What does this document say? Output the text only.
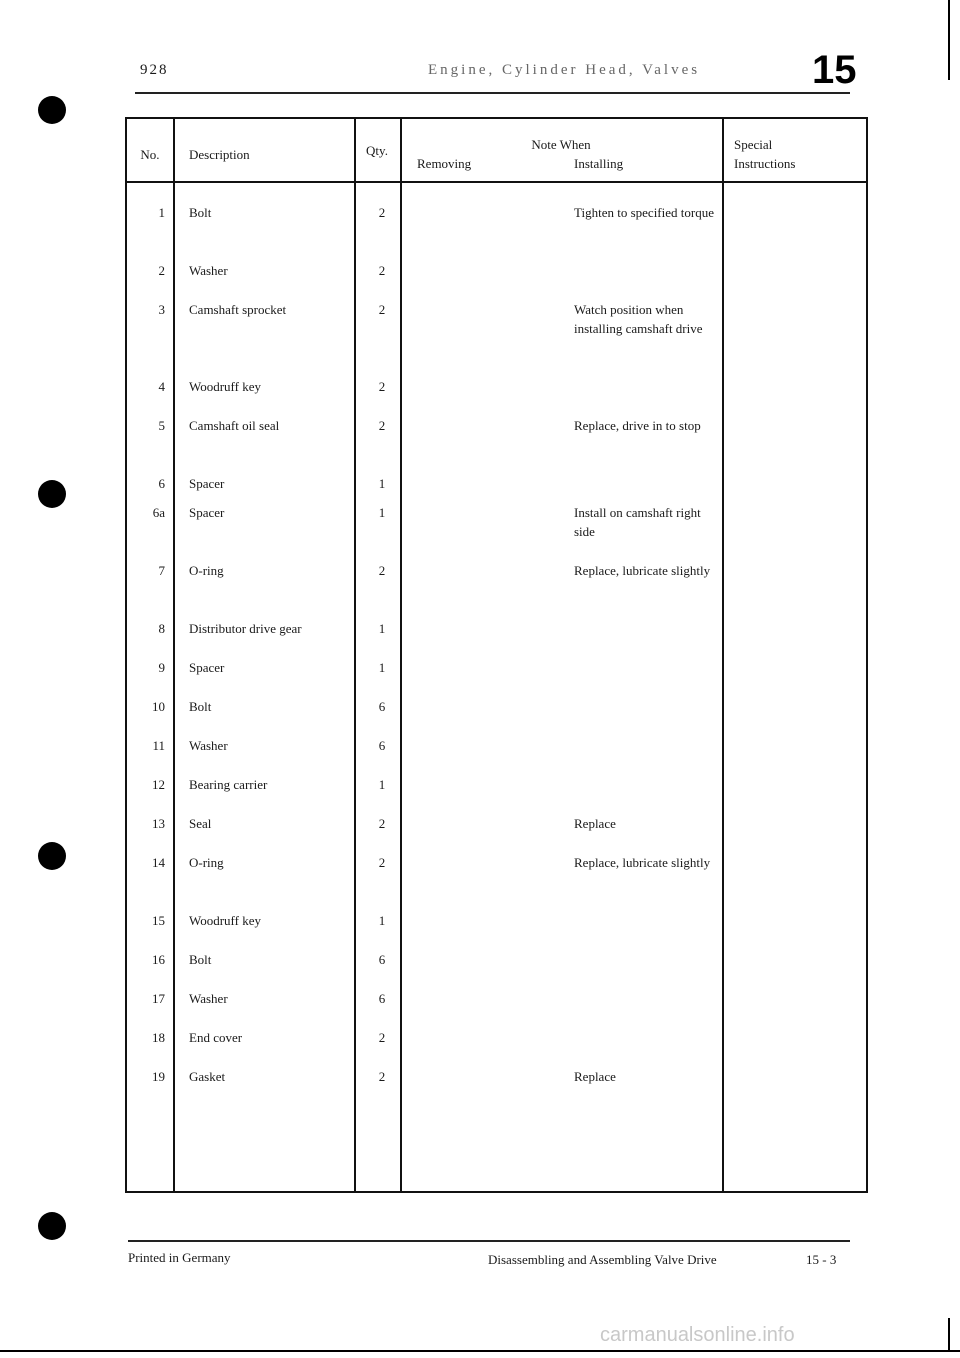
928	Engine, Cylinder Head, Valves	15
No.	Description	Qty.	Note When
Removing	Installing
Special
Instructions
1 Bolt	2	Tighten to specified torque
2 Washer	2
3 Camshaft sprocket	2	Watch position when installing camshaft drive
4 Woodruff key	2
5 Camshaft oil seal	2	Replace, drive in to stop
6 Spacer	1
6a Spacer	1	Install on camshaft right side
7 O-ring	2	Replace, lubricate slightly
8 Distributor drive gear	1
9 Spacer	1
10 Bolt	6
11 Washer	6
12 Bearing carrier	1
13 Seal	2	Replace
14 O-ring	2	Replace, lubricate slightly
15 Woodruff key	1
16 Bolt	6
17 Washer	6
18 End cover	2
19 Gasket	2	Replace
Printed in Germany	Disassembling and Assembling Valve Drive	15 - 3
carmanualsonline.info
